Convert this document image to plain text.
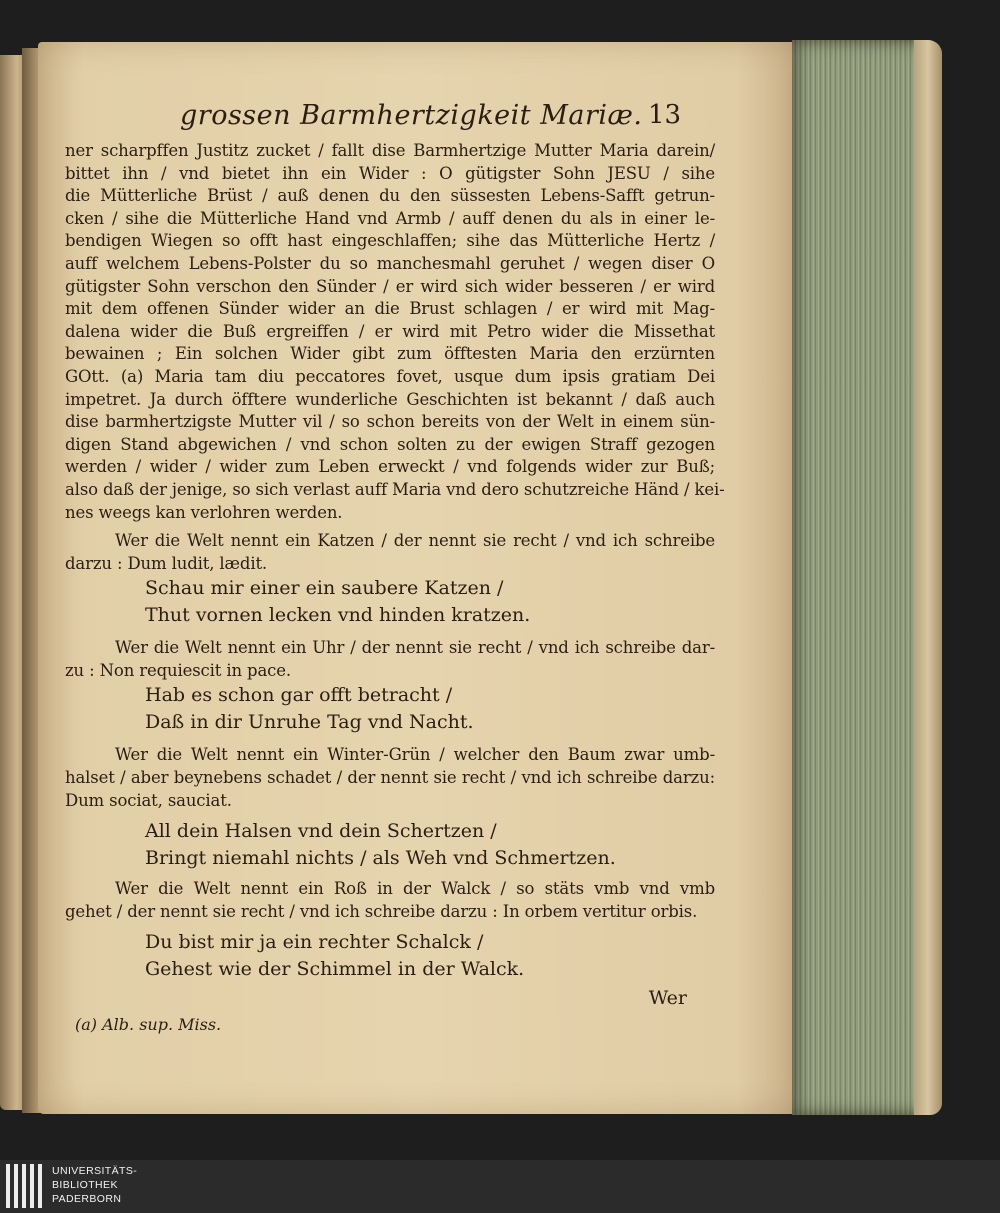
grossen Barmhertzigkeit Mariæ. 13
ner scharpffen Justitz zucket / fallt dise Barmhertzige Mutter Maria darein/
bittet ihn / vnd bietet ihn ein Wider : O gütigster Sohn JESU / sihe
die Mütterliche Brüst / auß denen du den süssesten Lebens-Safft getrun-
cken / sihe die Mütterliche Hand vnd Armb / auff denen du als in einer le-
bendigen Wiegen so offt hast eingeschlaffen; sihe das Mütterliche Hertz /
auff welchem Lebens-Polster du so manchesmahl geruhet / wegen diser O
gütigster Sohn verschon den Sünder / er wird sich wider besseren / er wird
mit dem offenen Sünder wider an die Brust schlagen / er wird mit Mag-
dalena wider die Buß ergreiffen / er wird mit Petro wider die Missethat
bewainen ; Ein solchen Wider gibt zum öfftesten Maria den erzürnten
GOtt. (a) Maria tam diu peccatores fovet, usque dum ipsis gratiam Dei
impetret. Ja durch öfftere wunderliche Geschichten ist bekannt / daß auch
dise barmhertzigste Mutter vil / so schon bereits von der Welt in einem sün-
digen Stand abgewichen / vnd schon solten zu der ewigen Straff gezogen
werden / wider / wider zum Leben erweckt / vnd folgends wider zur Buß;
also daß der jenige, so sich verlast auff Maria vnd dero schutzreiche Händ / kei-
nes weegs kan verlohren werden.
Wer die Welt nennt ein Katzen / der nennt sie recht / vnd ich schreibe
darzu : Dum ludit, lædit.
Schau mir einer ein saubere Katzen /
Thut vornen lecken vnd hinden kratzen.
Wer die Welt nennt ein Uhr / der nennt sie recht / vnd ich schreibe dar-
zu : Non requiescit in pace.
Hab es schon gar offt betracht /
Daß in dir Unruhe Tag vnd Nacht.
Wer die Welt nennt ein Winter-Grün / welcher den Baum zwar umb-
halset / aber beynebens schadet / der nennt sie recht / vnd ich schreibe darzu:
Dum sociat, sauciat.
All dein Halsen vnd dein Schertzen /
Bringt niemahl nichts / als Weh vnd Schmertzen.
Wer die Welt nennt ein Roß in der Walck / so stäts vmb vnd vmb
gehet / der nennt sie recht / vnd ich schreibe darzu : In orbem vertitur orbis.
Du bist mir ja ein rechter Schalck /
Gehest wie der Schimmel in der Walck.
Wer
(a) Alb. sup. Miss.
UNIVERSITÄTS-
BIBLIOTHEK
PADERBORN
